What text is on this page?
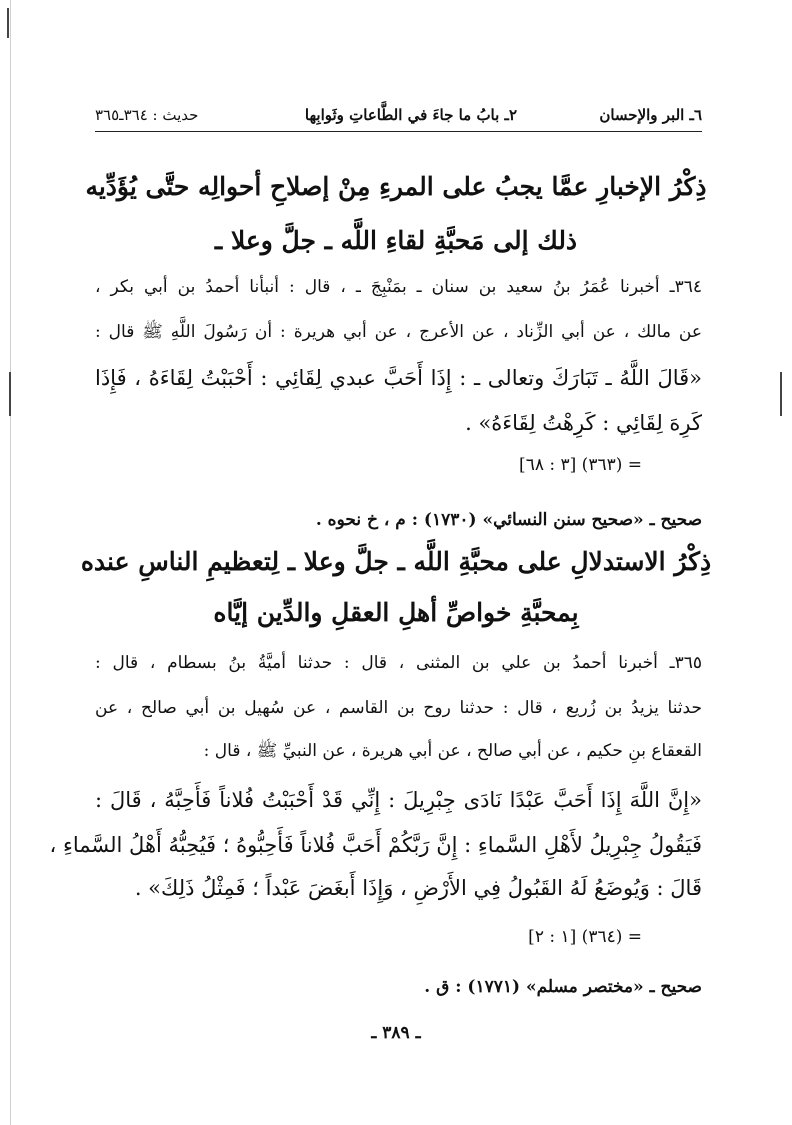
٦ـ البر والإحسان
٢ـ بابُ ما جاءَ في الطَّاعاتِ وثَوابِها
حديث : ٣٦٤ـ٣٦٥
ذِكْرُ الإخبارِ عمَّا يجبُ على المرءِ مِنْ إصلاحِ أحوالِه حتَّى يُؤَدِّيه
ذلك إلى مَحبَّةِ لقاءِ اللَّه ـ جلَّ وعلا ـ
٣٦٤ـ أخبرنا عُمَرُ بنُ سعيد بن سنان ـ بمَنْبِجَ ـ ، قال : أنبأنا أحمدُ بن أبي بكر ،
عن مالك ، عن أبي الزِّناد ، عن الأعرج ، عن أبي هريرة : أن رَسُولَ اللَّهِ ﷺ قال :
«قَالَ اللَّهُ ـ تَبَارَكَ وتعالى ـ : إِذَا أَحَبَّ عبدي لِقَائِي : أَحْبَبْتُ لِقَاءَهُ ، فَإِذَا
كَرِهَ لِقَائِي : كَرِهْتُ لِقَاءَهُ» .
= (٣٦٣) [٣ : ٦٨]
صحيح ـ «صحيح سنن النسائي» (١٧٣٠) : م ، خ نحوه .
ذِكْرُ الاستدلالِ على محبَّةِ اللَّه ـ جلَّ وعلا ـ لِتعظيمِ الناسِ عنده
بِمحبَّةِ خواصِّ أهلِ العقلِ والدِّين إيَّاه
٣٦٥ـ أخبرنا أحمدُ بن علي بن المثنى ، قال : حدثنا أميَّةُ بنُ بسطام ، قال :
حدثنا يزيدُ بن زُريع ، قال : حدثنا روح بن القاسم ، عن سُهيل بن أبي صالح ، عن
القعقاع بنِ حكيم ، عن أبي صالح ، عن أبي هريرة ، عن النبيِّ ﷺ ، قال :
«إِنَّ اللَّهَ إِذَا أَحَبَّ عَبْدًا نَادَى جِبْرِيلَ : إِنِّي قَدْ أَحْبَبْتُ فُلاناً فَأَحِبَّهُ ، قَالَ :
فَيَقُولُ جِبْرِيلُ لأَهْلِ السَّماءِ : إِنَّ رَبَّكُمْ أَحَبَّ فُلاناً فَأَحِبُّوهُ ؛ فَيُحِبُّهُ أَهْلُ السَّماءِ ،
قَالَ : وَيُوضَعُ لَهُ القَبُولُ فِي الأَرْضِ ، وَإِذَا أَبغَضَ عَبْداً ؛ فَمِثْلُ ذَلِكَ» .
= (٣٦٤) [١ : ٢]
صحيح ـ «مختصر مسلم» (١٧٧١) : ق .
ـ ٣٨٩ ـ
